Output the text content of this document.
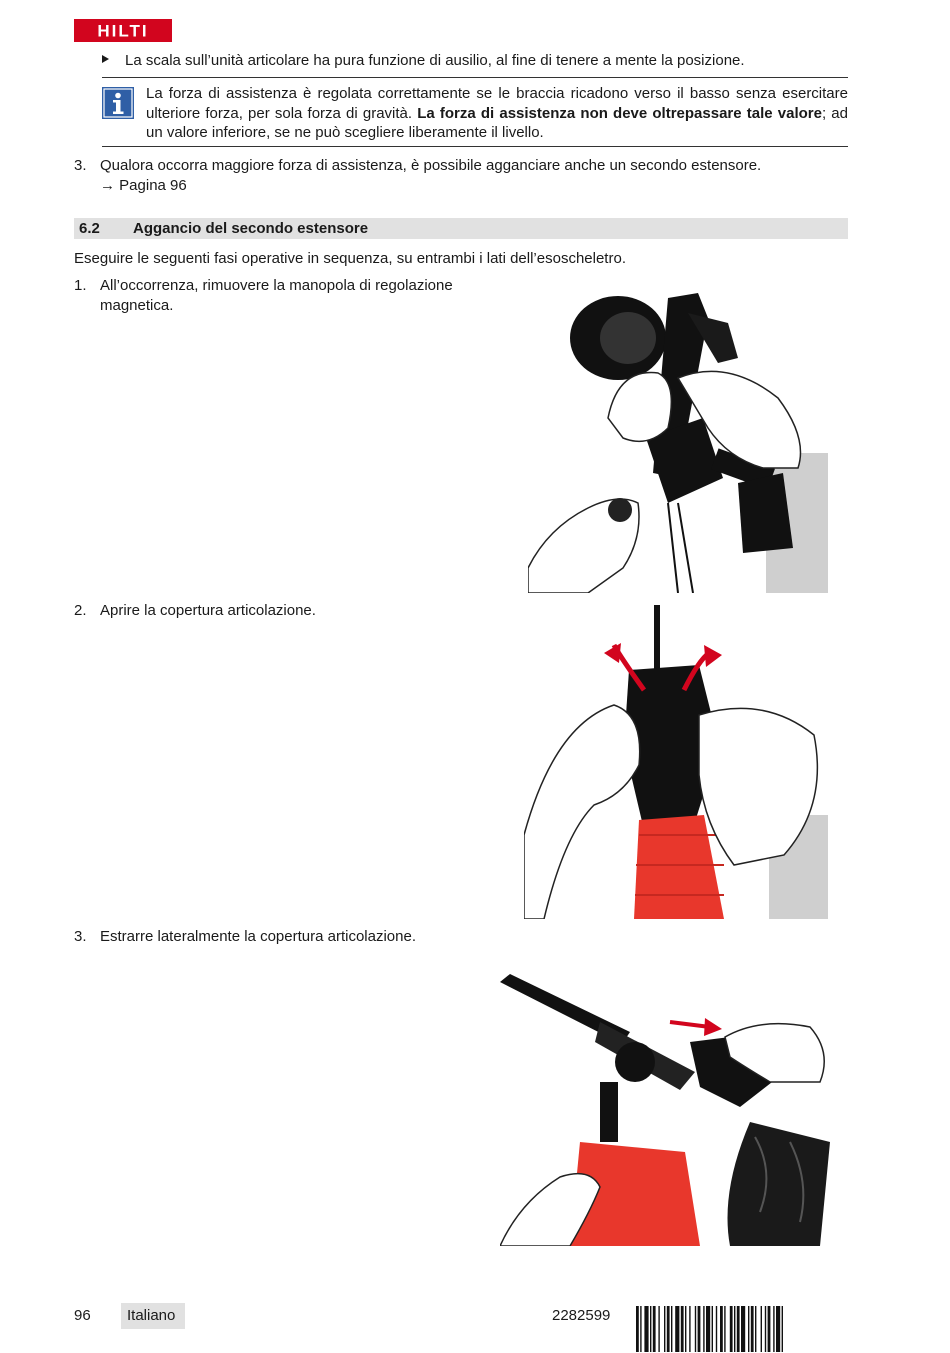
HILTI
La scala sull’unità articolare ha pura funzione di ausilio, al fine di tenere a mente la posizione.
La forza di assistenza è regolata correttamente se le braccia ricadono verso il basso senza esercitare ulteriore forza, per sola forza di gravità. La forza di assistenza non deve oltrepassare tale valore; ad un valore inferiore, se ne può scegliere liberamente il livello.
3. Qualora occorra maggiore forza di assistenza, è possibile agganciare anche un secondo estensore.
→ Pagina 96
6.2 Aggancio del secondo estensore
Eseguire le seguenti fasi operative in sequenza, su entrambi i lati dell’esoscheletro.
1. All’occorrenza, rimuovere la manopola di regolazione magnetica.
2. Aprire la copertura articolazione.
3. Estrarre lateralmente la copertura articolazione.
96 Italiano	2282599
